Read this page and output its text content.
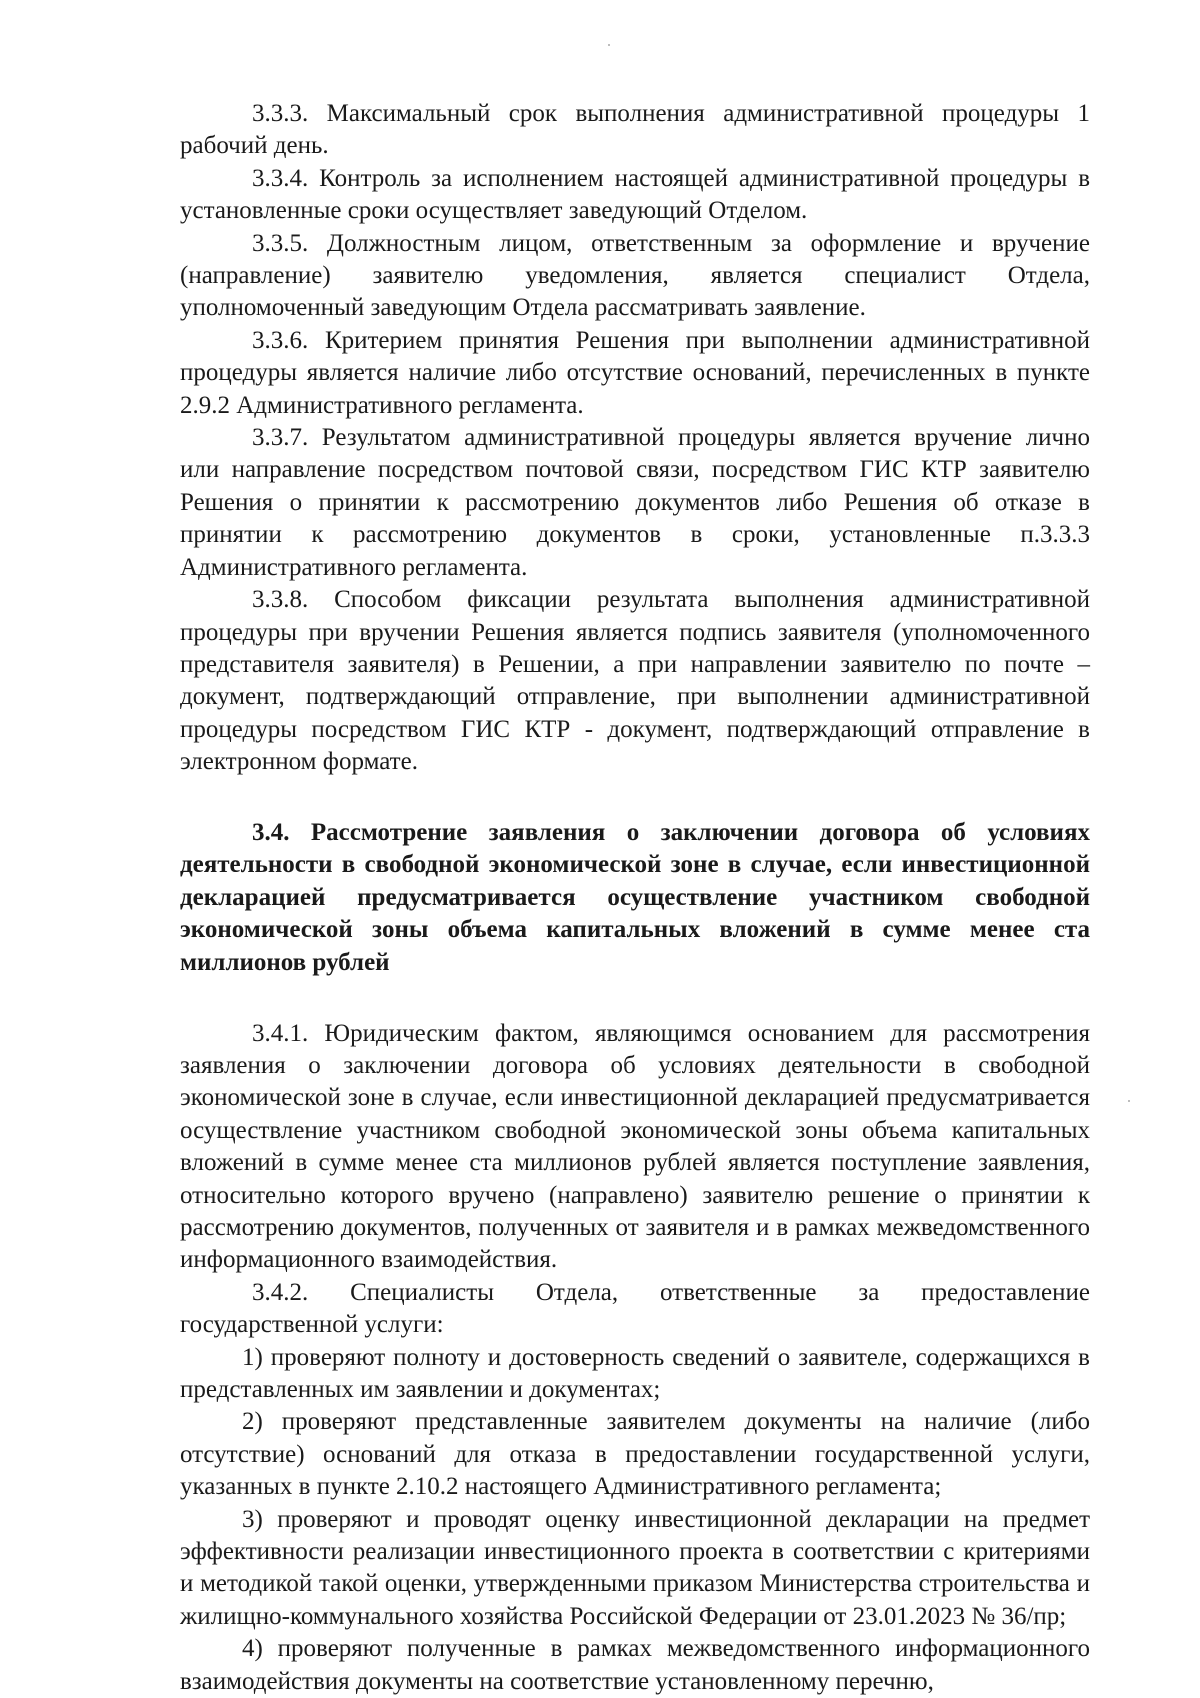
3.3.3. Максимальный срок выполнения административной процедуры 1 рабочий день.

3.3.4. Контроль за исполнением настоящей административной процедуры в установленные сроки осуществляет заведующий Отделом.

3.3.5. Должностным лицом, ответственным за оформление и вручение (направление) заявителю уведомления, является специалист Отдела, уполномоченный заведующим Отдела рассматривать заявление.

3.3.6. Критерием принятия Решения при выполнении административной процедуры является наличие либо отсутствие оснований, перечисленных в пункте 2.9.2 Административного регламента.

3.3.7. Результатом административной процедуры является вручение лично или направление посредством почтовой связи, посредством ГИС КТР заявителю Решения о принятии к рассмотрению документов либо Решения об отказе в принятии к рассмотрению документов в сроки, установленные п.3.3.3 Административного регламента.

3.3.8. Способом фиксации результата выполнения административной процедуры при вручении Решения является подпись заявителя (уполномоченного представителя заявителя) в Решении, а при направлении заявителю по почте – документ, подтверждающий отправление, при выполнении административной процедуры посредством ГИС КТР - документ, подтверждающий отправление в электронном формате.

3.4. Рассмотрение заявления о заключении договора об условиях деятельности в свободной экономической зоне в случае, если инвестиционной декларацией предусматривается осуществление участником свободной экономической зоны объема капитальных вложений в сумме менее ста миллионов рублей

3.4.1. Юридическим фактом, являющимся основанием для рассмотрения заявления о заключении договора об условиях деятельности в свободной экономической зоне в случае, если инвестиционной декларацией предусматривается осуществление участником свободной экономической зоны объема капитальных вложений в сумме менее ста миллионов рублей является поступление заявления, относительно которого вручено (направлено) заявителю решение о принятии к рассмотрению документов, полученных от заявителя и в рамках межведомственного информационного взаимодействия.

3.4.2. Специалисты Отдела, ответственные за предоставление государственной услуги:

1) проверяют полноту и достоверность сведений о заявителе, содержащихся в представленных им заявлении и документах;

2) проверяют представленные заявителем документы на наличие (либо отсутствие) оснований для отказа в предоставлении государственной услуги, указанных в пункте 2.10.2 настоящего Административного регламента;

3) проверяют и проводят оценку инвестиционной декларации на предмет эффективности реализации инвестиционного проекта в соответствии с критериями и методикой такой оценки, утвержденными приказом Министерства строительства и жилищно-коммунального хозяйства Российской Федерации от 23.01.2023 № 36/пр;

4) проверяют полученные в рамках межведомственного информационного взаимодействия документы на соответствие установленному перечню,
